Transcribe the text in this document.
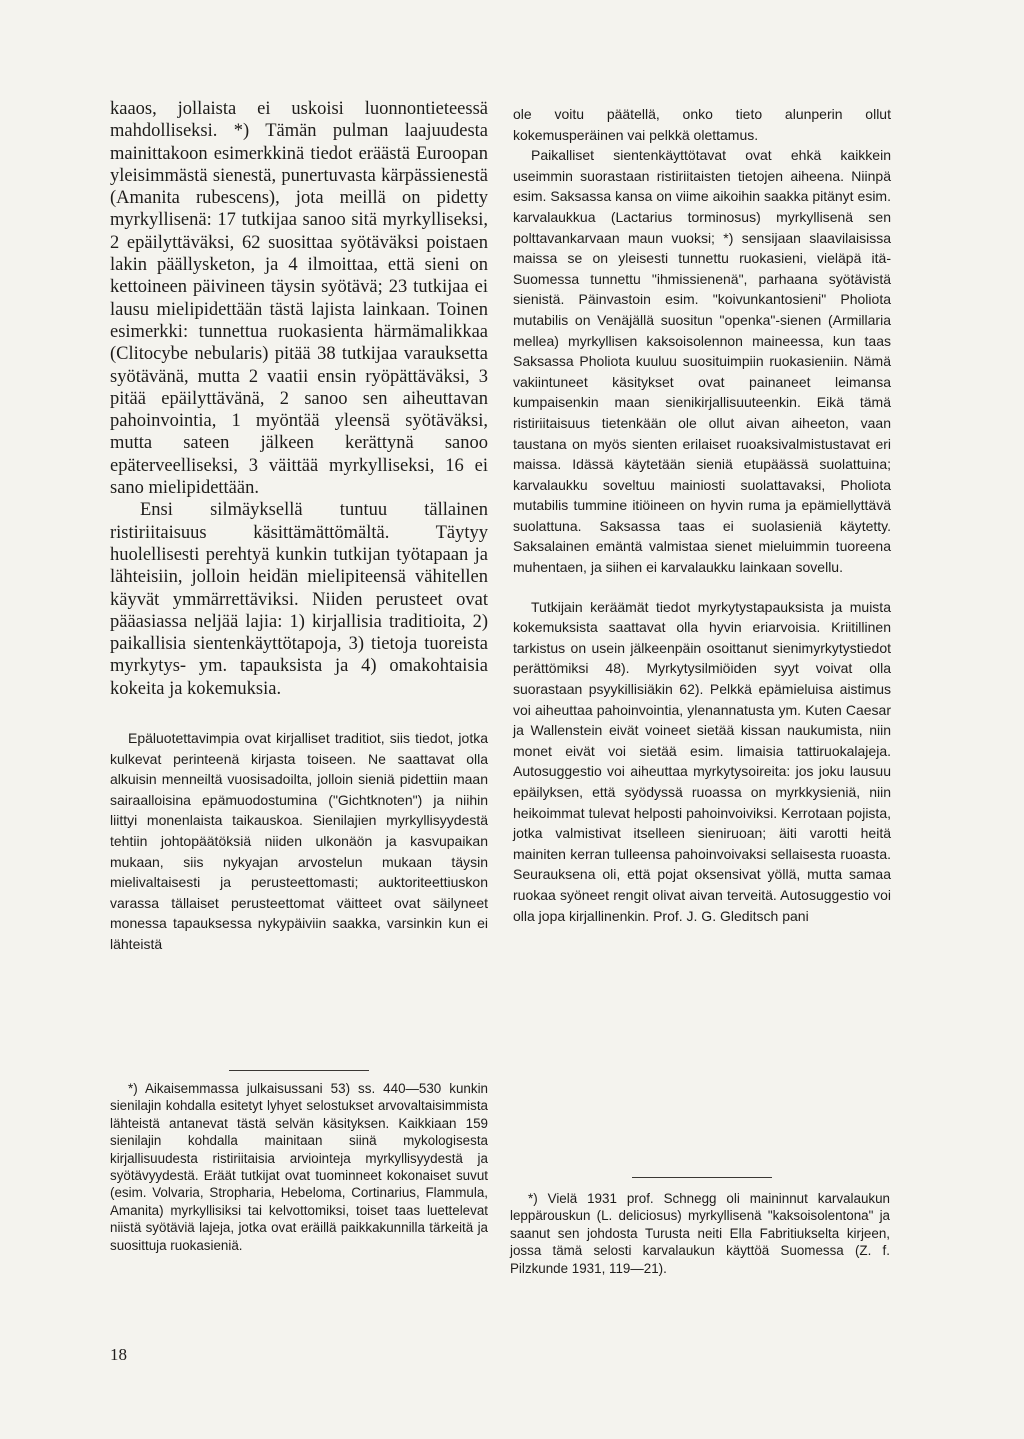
kaaos, jollaista ei uskoisi luonnontieteessä mahdolliseksi. *) Tämän pulman laajuudesta mainittakoon esimerkkinä tiedot eräästä Euroopan yleisimmästä sienestä, punertuvasta kärpässienestä (Amanita rubescens), jota meillä on pidetty myrkyllisenä: 17 tutkijaa sanoo sitä myrkylliseksi, 2 epäilyttäväksi, 62 suosittaa syötäväksi poistaen lakin päällysketon, ja 4 ilmoittaa, että sieni on kettoineen päivineen täysin syötävä; 23 tutkijaa ei lausu mielipidettään tästä lajista lainkaan. Toinen esimerkki: tunnettua ruokasienta härmämalikkaa (Clitocybe nebularis) pitää 38 tutkijaa varauksetta syötävänä, mutta 2 vaatii ensin ryöpättäväksi, 3 pitää epäilyttävänä, 2 sanoo sen aiheuttavan pahoinvointia, 1 myöntää yleensä syötäväksi, mutta sateen jälkeen kerättynä sanoo epäterveelliseksi, 3 väittää myrkylliseksi, 16 ei sano mielipidettään.

Ensi silmäyksellä tuntuu tällainen ristiriitaisuus käsittämättömältä. Täytyy huolellisesti perehtyä kunkin tutkijan työtapaan ja lähteisiin, jolloin heidän mielipiteensä vähitellen käyvät ymmärrettäviksi. Niiden perusteet ovat pääasiassa neljää lajia: 1) kirjallisia traditioita, 2) paikallisia sientenkäyttötapoja, 3) tietoja tuoreista myrkytys- ym. tapauksista ja 4) omakohtaisia kokeita ja kokemuksia.

Epäluotettavimpia ovat kirjalliset traditiot, siis tiedot, jotka kulkevat perinteenä kirjasta toiseen. Ne saattavat olla alkuisin menneiltä vuosisadoilta, jolloin sieniä pidettiin maan sairaalloisina epämuodostumina ("Gichtknoten") ja niihin liittyi monenlaista taikauskoa. Sienilajien myrkyllisyydestä tehtiin johtopäätöksiä niiden ulkonäön ja kasvupaikan mukaan, siis nykyajan arvostelun mukaan täysin mielivaltaisesti ja perusteettomasti; auktoriteettiuskon varassa tällaiset perusteettomat väitteet ovat säilyneet monessa tapauksessa nykypäiviin saakka, varsinkin kun ei lähteistä

*) Aikaisemmassa julkaisussani 53) ss. 440—530 kunkin sienilajin kohdalla esitetyt lyhyet selostukset arvovaltaisimmista lähteistä antanevat tästä selvän käsityksen. Kaikkiaan 159 sienilajin kohdalla mainitaan siinä mykologisesta kirjallisuudesta ristiriitaisia arviointeja myrkyllisyydestä ja syötävyydestä. Eräät tutkijat ovat tuominneet kokonaiset suvut (esim. Volvaria, Stropharia, Hebeloma, Cortinarius, Flammula, Amanita) myrkyllisiksi tai kelvottomiksi, toiset taas luettelevat niistä syötäviä lajeja, jotka ovat eräillä paikkakunnilla tärkeitä ja suosittuja ruokasieniä.

ole voitu päätellä, onko tieto alunperin ollut kokemusperäinen vai pelkkä olettamus.

Paikalliset sientenkäyttötavat ovat ehkä kaikkein useimmin suorastaan ristiriitaisten tietojen aiheena. Niinpä esim. Saksassa kansa on viime aikoihin saakka pitänyt esim. karvalaukkua (Lactarius torminosus) myrkyllisenä sen polttavankarvaan maun vuoksi; *) sensijaan slaavilaisissa maissa se on yleisesti tunnettu ruokasieni, vieläpä itä-Suomessa tunnettu "ihmissienenä", parhaana syötävistä sienistä. Päinvastoin esim. "koivunkantosieni" Pholiota mutabilis on Venäjällä suositun "openka"-sienen (Armillaria mellea) myrkyllisen kaksoisolennon maineessa, kun taas Saksassa Pholiota kuuluu suosituimpiin ruokasieniin. Nämä vakiintuneet käsitykset ovat painaneet leimansa kumpaisenkin maan sienikirjallisuuteenkin. Eikä tämä ristiriitaisuus tietenkään ole ollut aivan aiheeton, vaan taustana on myös sienten erilaiset ruoaksivalmistustavat eri maissa. Idässä käytetään sieniä etupäässä suolattuina; karvalaukku soveltuu mainiosti suolattavaksi, Pholiota mutabilis tummine itiöineen on hyvin ruma ja epämiellyttävä suolattuna. Saksassa taas ei suolasieniä käytetty. Saksalainen emäntä valmistaa sienet mieluimmin tuoreena muhentaen, ja siihen ei karvalaukku lainkaan sovellu.

Tutkijain keräämät tiedot myrkytystapauksista ja muista kokemuksista saattavat olla hyvin eriarvoisia. Kriitillinen tarkistus on usein jälkeenpäin osoittanut sienimyrkytystiedot perättömiksi 48). Myrkytysilmiöiden syyt voivat olla suorastaan psyykillisiäkin 62). Pelkkä epämieluisa aistimus voi aiheuttaa pahoinvointia, ylenannatusta ym. Kuten Caesar ja Wallenstein eivät voineet sietää kissan naukumista, niin monet eivät voi sietää esim. limaisia tattiruokalajeja. Autosuggestio voi aiheuttaa myrkytysoireita: jos joku lausuu epäilyksen, että syödyssä ruoassa on myrkkysieniä, niin heikoimmat tulevat helposti pahoinvoiviksi. Kerrotaan pojista, jotka valmistivat itselleen sieniruoan; äiti varotti heitä mainiten kerran tulleensa pahoinvoivaksi sellaisesta ruoasta. Seurauksena oli, että pojat oksensivat yöllä, mutta samaa ruokaa syöneet rengit olivat aivan terveitä. Autosuggestio voi olla jopa kirjallinenkin. Prof. J. G. Gleditsch pani

*) Vielä 1931 prof. Schnegg oli maininnut karvalaukun leppärouskun (L. deliciosus) myrkyllisenä "kaksoisolentona" ja saanut sen johdosta Turusta neiti Ella Fabritiukselta kirjeen, jossa tämä selosti karvalaukun käyttöä Suomessa (Z. f. Pilzkunde 1931, 119—21).

18
